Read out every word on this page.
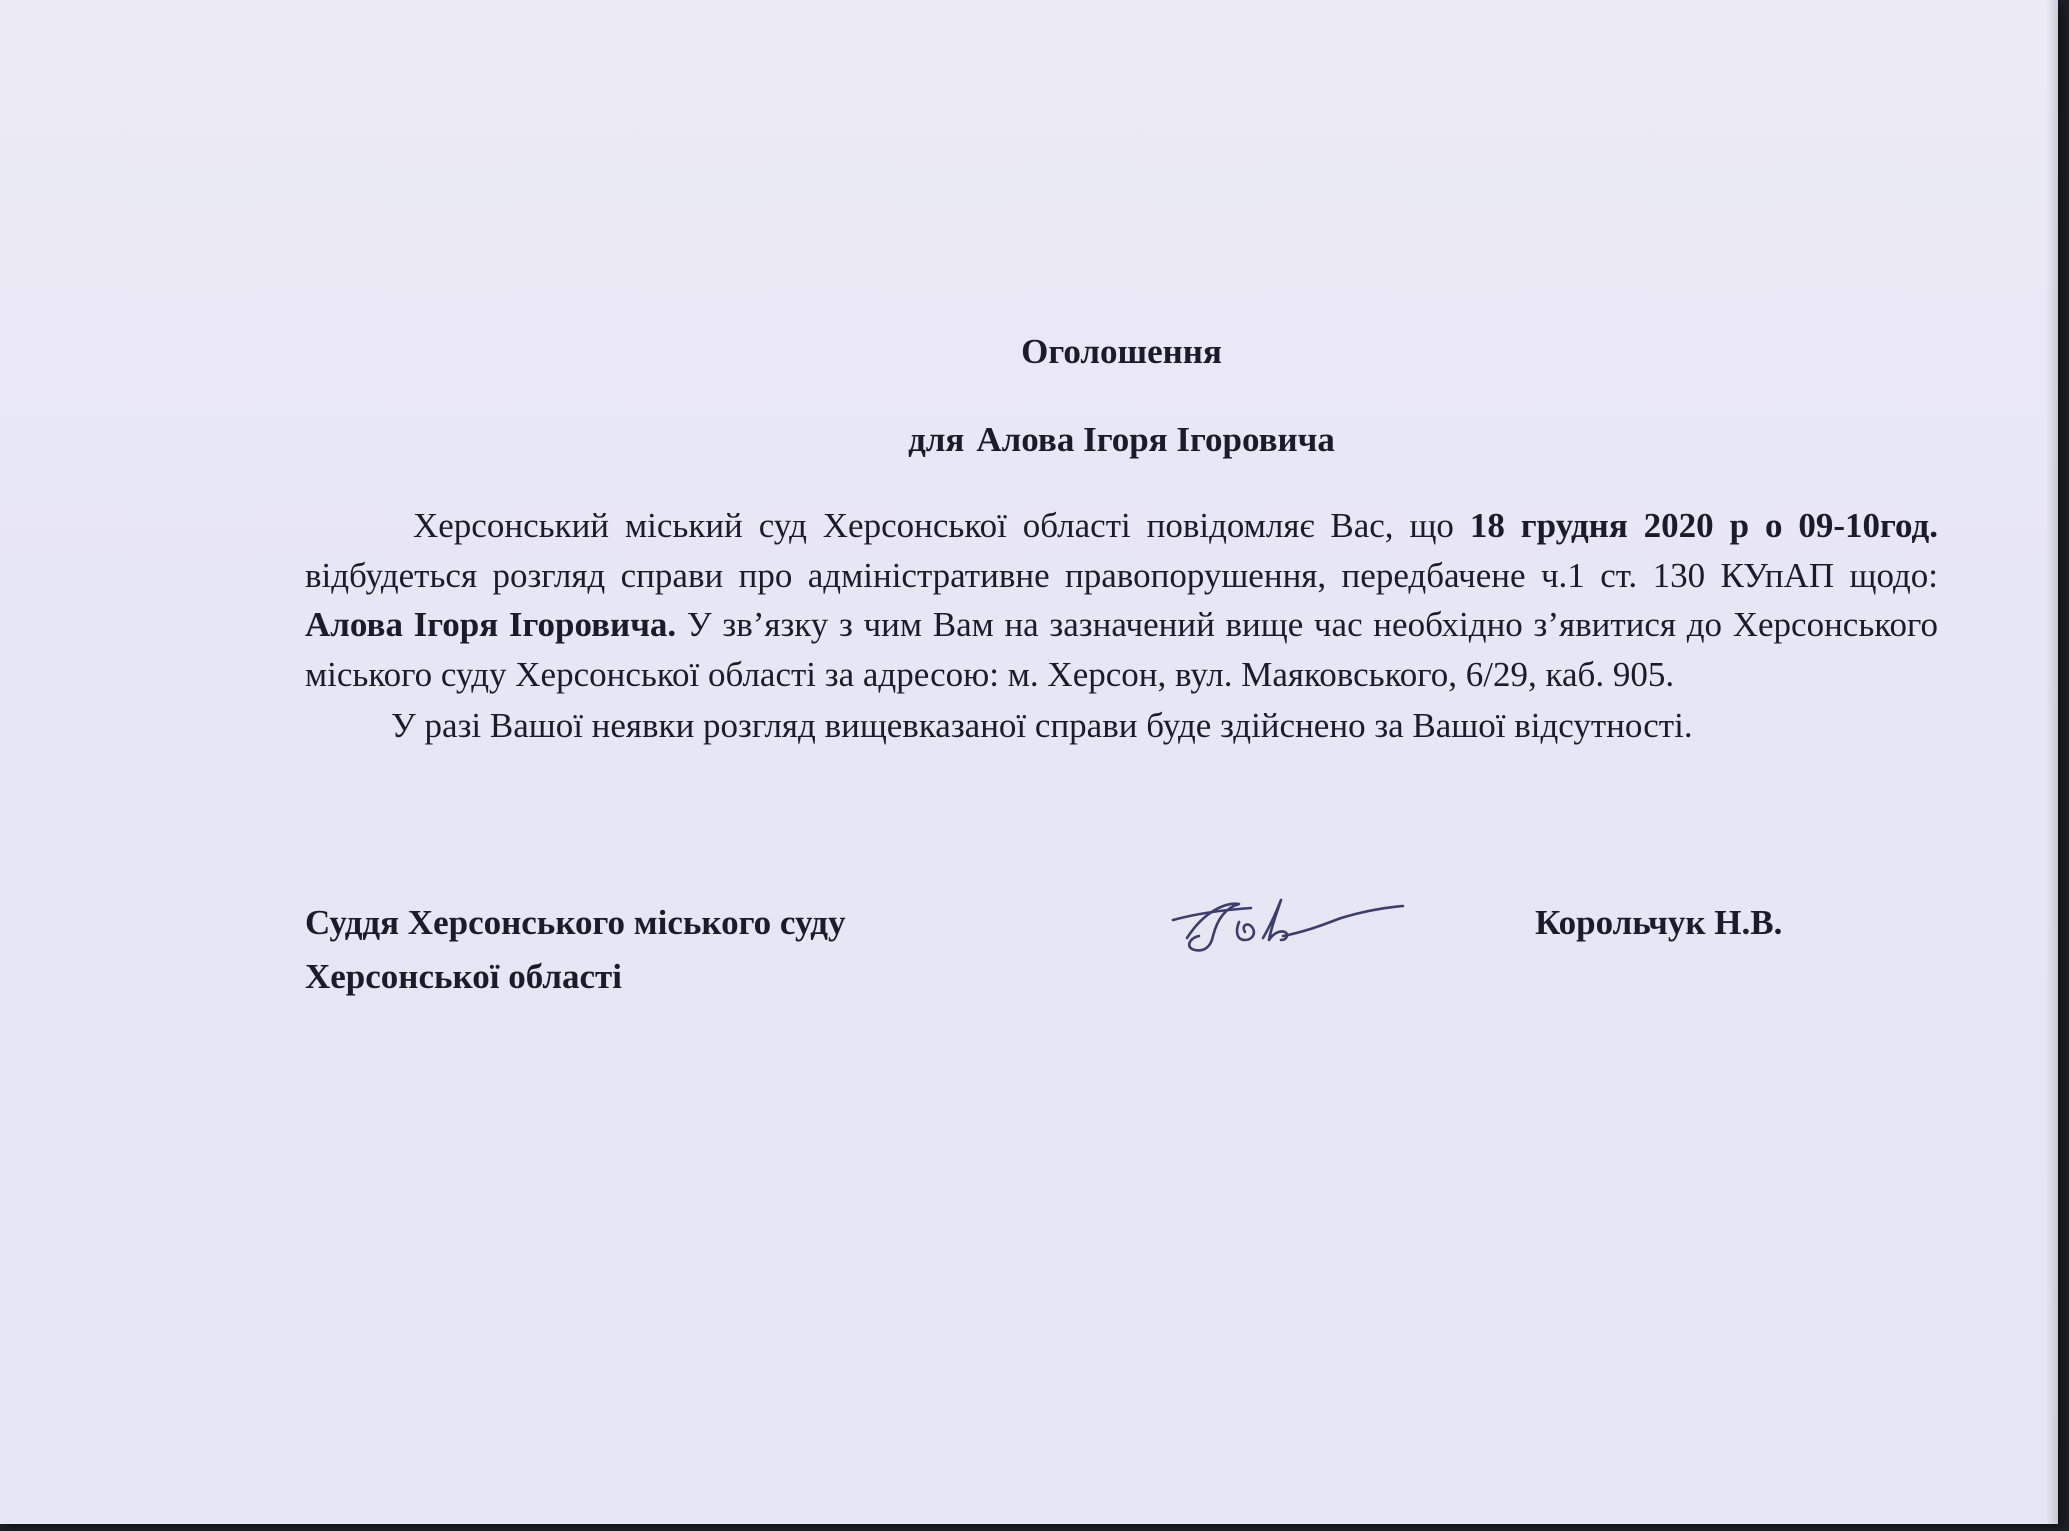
Оголошення
для Алова Ігоря Ігоровича

Херсонський міський суд Херсонської області повідомляє Вас, що 18 грудня 2020 р о 09-10год. відбудеться розгляд справи про адміністративне правопорушення, передбачене ч.1 ст. 130 КУпАП щодо: Алова Ігоря Ігоровича. У зв’язку з чим Вам на зазначений вище час необхідно з’явитися до Херсонського міського суду Херсонської області за адресою: м. Херсон, вул. Маяковського, 6/29, каб. 905.

У разі Вашої неявки розгляд вищевказаної справи буде здійснено за Вашої відсутності.

Суддя Херсонського міського суду
Херсонської області
Корольчук Н.В.
